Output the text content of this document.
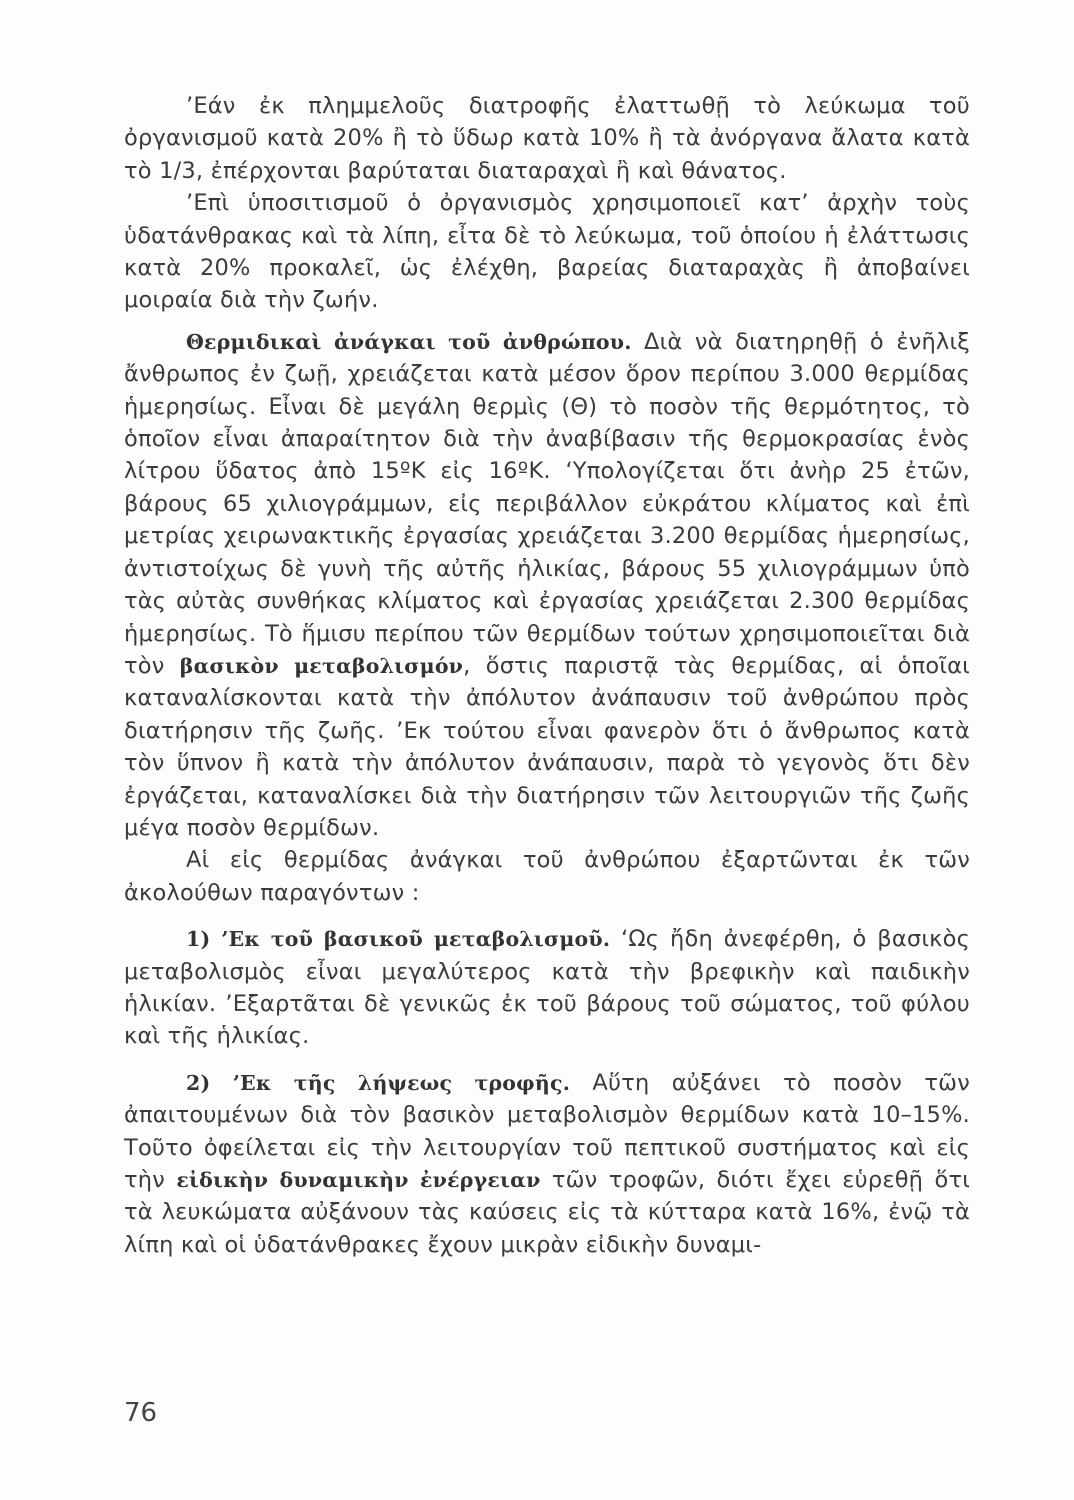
’Εάν ἐκ πλημμελοῦς διατροφῆς ἐλαττωθῇ τὸ λεύκωμα τοῦ ὀργανισμοῦ κατὰ 20% ἢ τὸ ὕδωρ κατὰ 10% ἢ τὰ ἀνόργανα ἄλατα κατὰ τὸ 1/3, ἐπέρχονται βαρύταται διαταραχαὶ ἢ καὶ θάνατος.

’Επὶ ὑποσιτισμοῦ ὁ ὀργανισμὸς χρησιμοποιεῖ κατ’ ἀρχὴν τοὺς ὑδατάνθρακας καὶ τὰ λίπη, εἶτα δὲ τὸ λεύκωμα, τοῦ ὁποίου ἡ ἐλάττωσις κατὰ 20% προκαλεῖ, ὡς ἐλέχθη, βαρείας διαταραχὰς ἢ ἀποβαίνει μοιραία διὰ τὴν ζωήν.

Θερμιδικαὶ ἀνάγκαι τοῦ ἀνθρώπου. Διὰ νὰ διατηρηθῇ ὁ ἐνῆλιξ ἄνθρωπος ἐν ζωῇ, χρειάζεται κατὰ μέσον ὅρον περίπου 3.000 θερμίδας ἡμερησίως. Εἶναι δὲ μεγάλη θερμὶς (Θ) τὸ ποσὸν τῆς θερμότητος, τὸ ὁποῖον εἶναι ἀπαραίτητον διὰ τὴν ἀναβίβασιν τῆς θερμοκρασίας ἑνὸς λίτρου ὕδατος ἀπὸ 15ºΚ εἰς 16ºΚ. ‘Υπολογίζεται ὅτι ἀνὴρ 25 ἐτῶν, βάρους 65 χιλιογράμμων, εἰς περιβάλλον εὐκράτου κλίματος καὶ ἐπὶ μετρίας χειρωνακτικῆς ἐργασίας χρειάζεται 3.200 θερμίδας ἡμερησίως, ἀντιστοίχως δὲ γυνὴ τῆς αὐτῆς ἡλικίας, βάρους 55 χιλιογράμμων ὑπὸ τὰς αὐτὰς συνθήκας κλίματος καὶ ἐργασίας χρειάζεται 2.300 θερμίδας ἡμερησίως. Τὸ ἥμισυ περίπου τῶν θερμίδων τούτων χρησιμοποιεῖται διὰ τὸν βασικὸν μεταβολισμόν, ὅστις παριστᾷ τὰς θερμίδας, αἱ ὁποῖαι καταναλίσκονται κατὰ τὴν ἀπόλυτον ἀνάπαυσιν τοῦ ἀνθρώπου πρὸς διατήρησιν τῆς ζωῆς. ’Εκ τούτου εἶναι φανερὸν ὅτι ὁ ἄνθρωπος κατὰ τὸν ὕπνον ἢ κατὰ τὴν ἀπόλυτον ἀνάπαυσιν, παρὰ τὸ γεγονὸς ὅτι δὲν ἐργάζεται, καταναλίσκει διὰ τὴν διατήρησιν τῶν λειτουργιῶν τῆς ζωῆς μέγα ποσὸν θερμίδων.

Αἱ εἰς θερμίδας ἀνάγκαι τοῦ ἀνθρώπου ἐξαρτῶνται ἐκ τῶν ἀκολούθων παραγόντων :

1) ’Εκ τοῦ βασικοῦ μεταβολισμοῦ. ‘Ως ἤδη ἀνεφέρθη, ὁ βασικὸς μεταβολισμὸς εἶναι μεγαλύτερος κατὰ τὴν βρεφικὴν καὶ παιδικὴν ἡλικίαν. ’Εξαρτᾶται δὲ γενικῶς ἐκ τοῦ βάρους τοῦ σώματος, τοῦ φύλου καὶ τῆς ἡλικίας.

2) ’Εκ τῆς λήψεως τροφῆς. Αὕτη αὐξάνει τὸ ποσὸν τῶν ἀπαιτουμένων διὰ τὸν βασικὸν μεταβολισμὸν θερμίδων κατὰ 10–15%. Τοῦτο ὀφείλεται εἰς τὴν λειτουργίαν τοῦ πεπτικοῦ συστήματος καὶ εἰς τὴν εἰδικὴν δυναμικὴν ἐνέργειαν τῶν τροφῶν, διότι ἔχει εὑρεθῇ ὅτι τὰ λευκώματα αὐξάνουν τὰς καύσεις εἰς τὰ κύτταρα κατὰ 16%, ἐνῷ τὰ λίπη καὶ οἱ ὑδατάνθρακες ἔχουν μικρὰν εἰδικὴν δυναμι-

76
